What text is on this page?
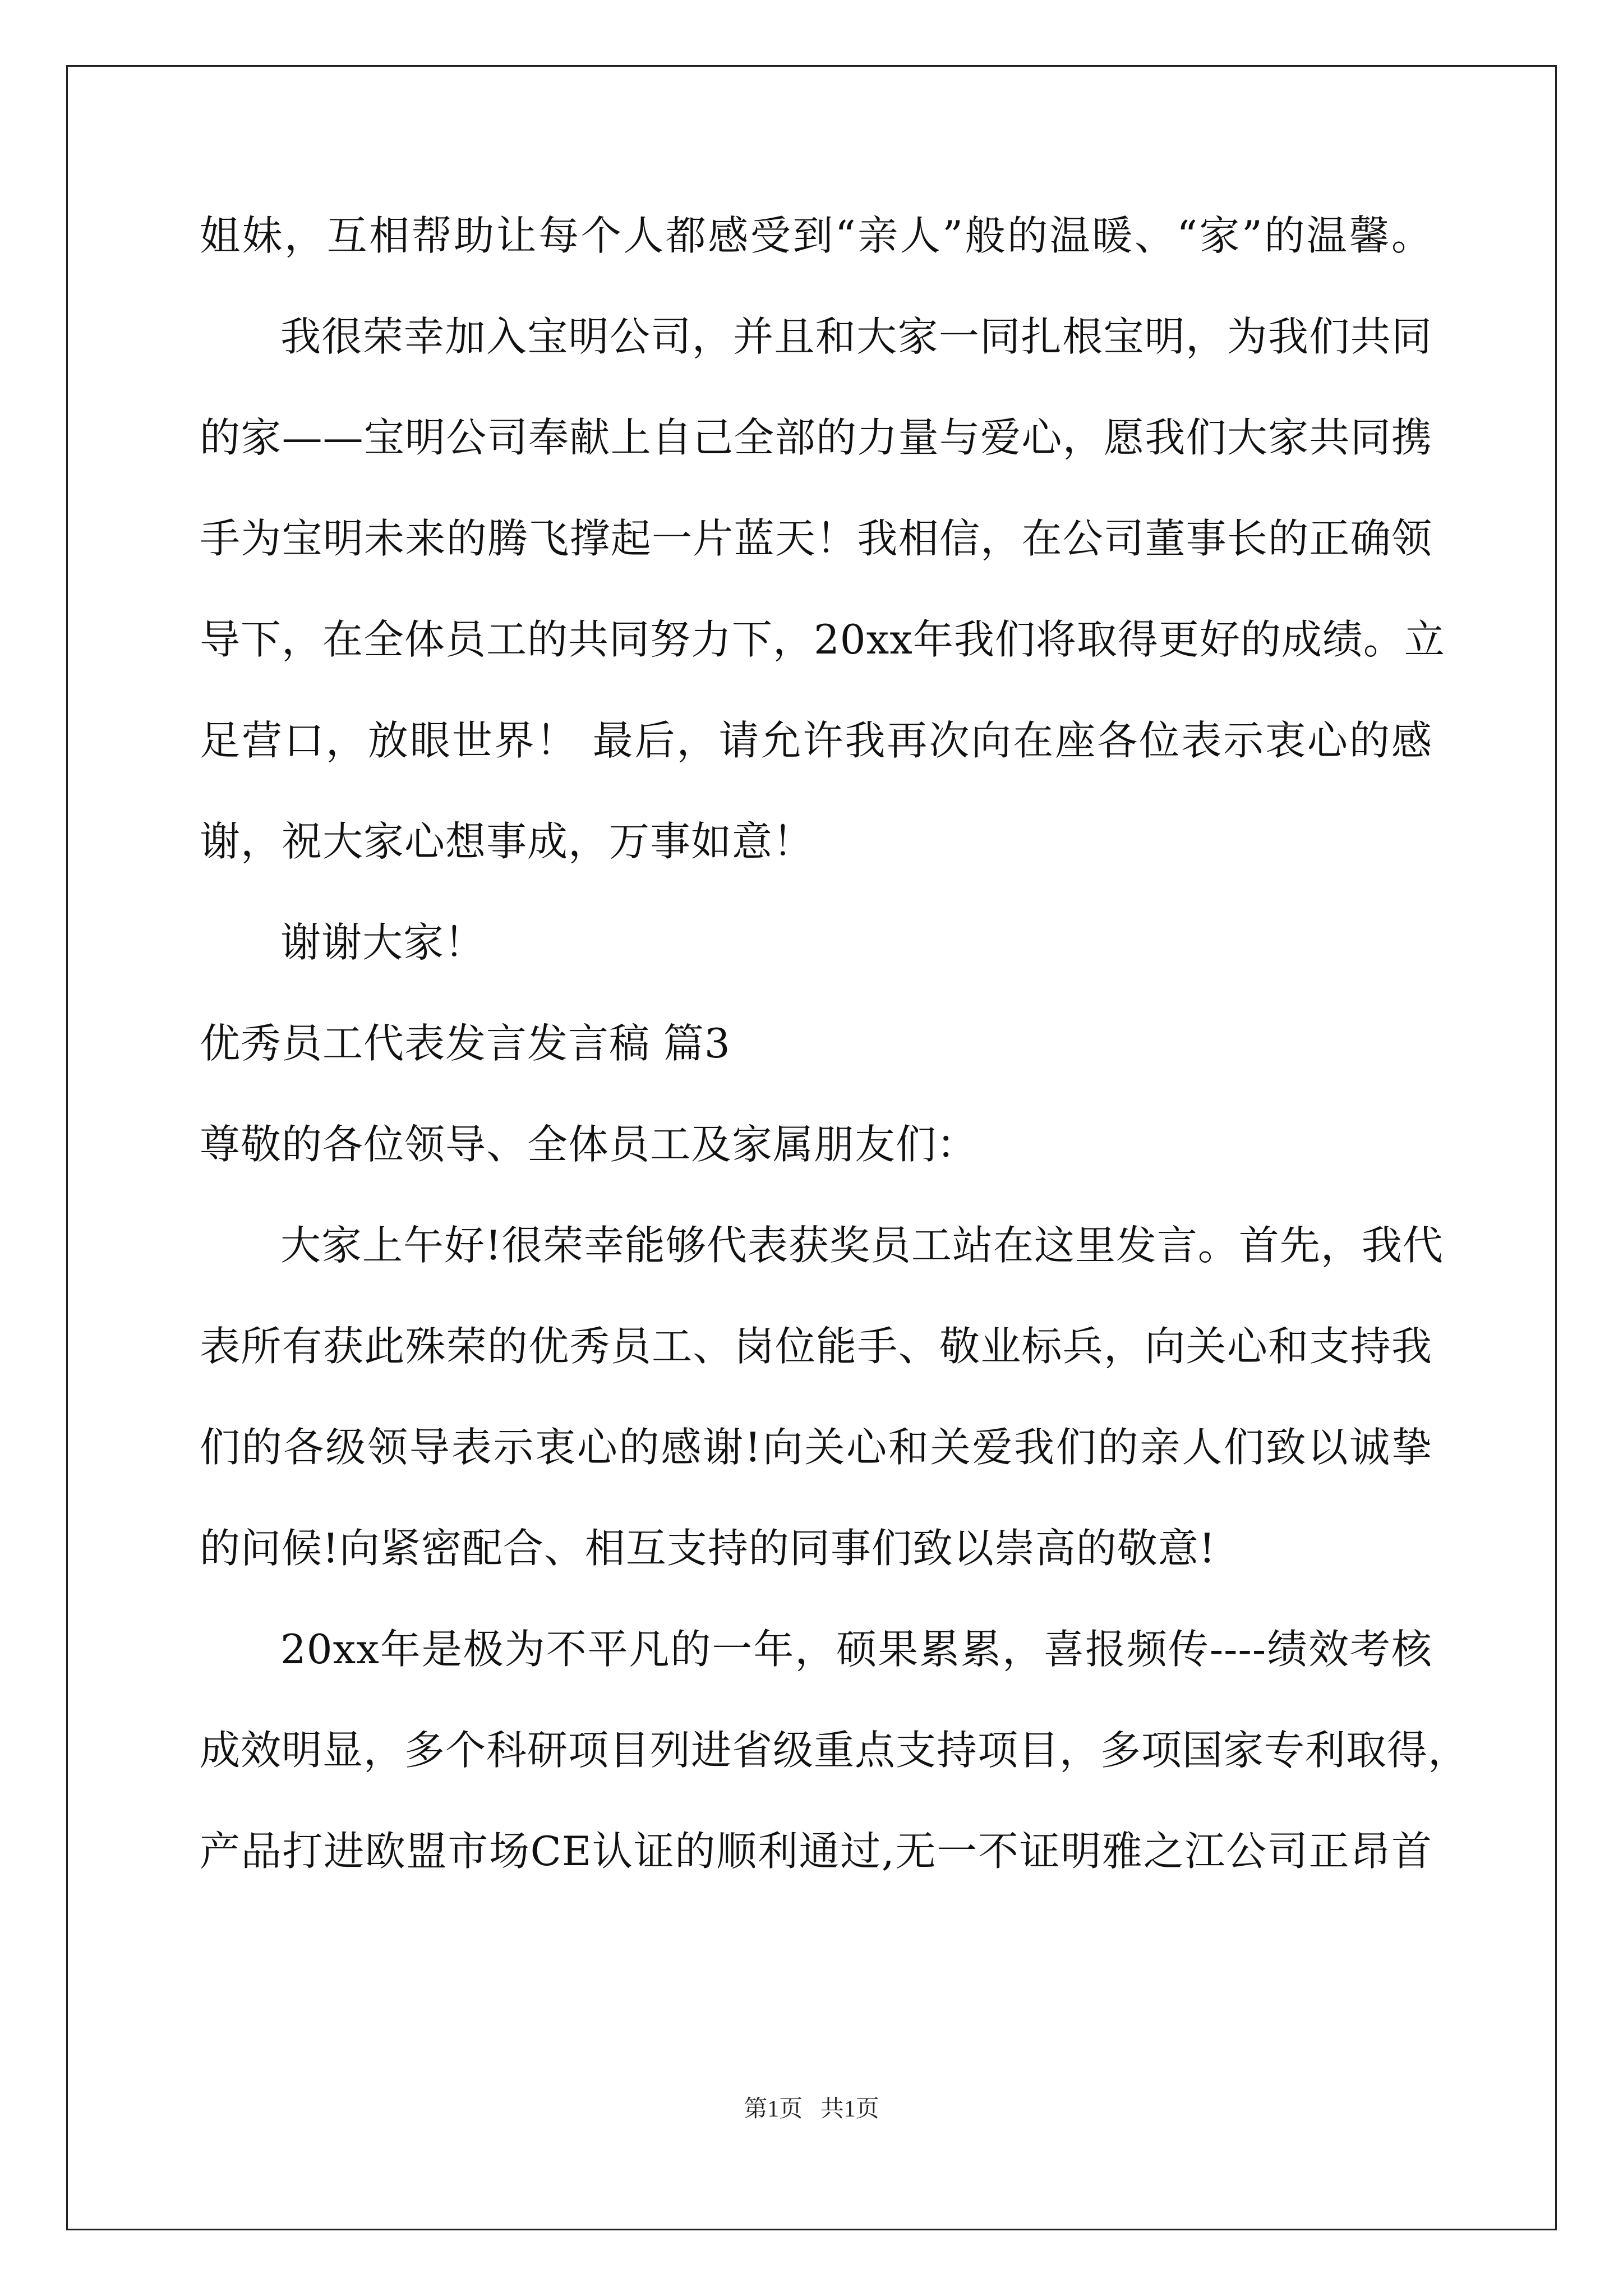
姐妹，互相帮助让每个人都感受到“亲人”般的温暖、“家”的温馨。
我很荣幸加入宝明公司，并且和大家一同扎根宝明，为我们共同
的家——宝明公司奉献上自己全部的力量与爱心，愿我们大家共同携
手为宝明未来的腾飞撑起一片蓝天！我相信，在公司董事长的正确领
导下，在全体员工的共同努力下，20xx年我们将取得更好的成绩。立
足营口，放眼世界！ 最后，请允许我再次向在座各位表示衷心的感
谢，祝大家心想事成，万事如意！
谢谢大家！
优秀员工代表发言发言稿 篇3
尊敬的各位领导、全体员工及家属朋友们：
大家上午好!很荣幸能够代表获奖员工站在这里发言。首先，我代
表所有获此殊荣的优秀员工、岗位能手、敬业标兵，向关心和支持我
们的各级领导表示衷心的感谢!向关心和关爱我们的亲人们致以诚挚
的问候!向紧密配合、相互支持的同事们致以崇高的敬意!
20xx年是极为不平凡的一年，硕果累累，喜报频传----绩效考核
成效明显，多个科研项目列进省级重点支持项目，多项国家专利取得，
产品打进欧盟市场CE认证的顺利通过,无一不证明雅之江公司正昂首
第1页   共1页
